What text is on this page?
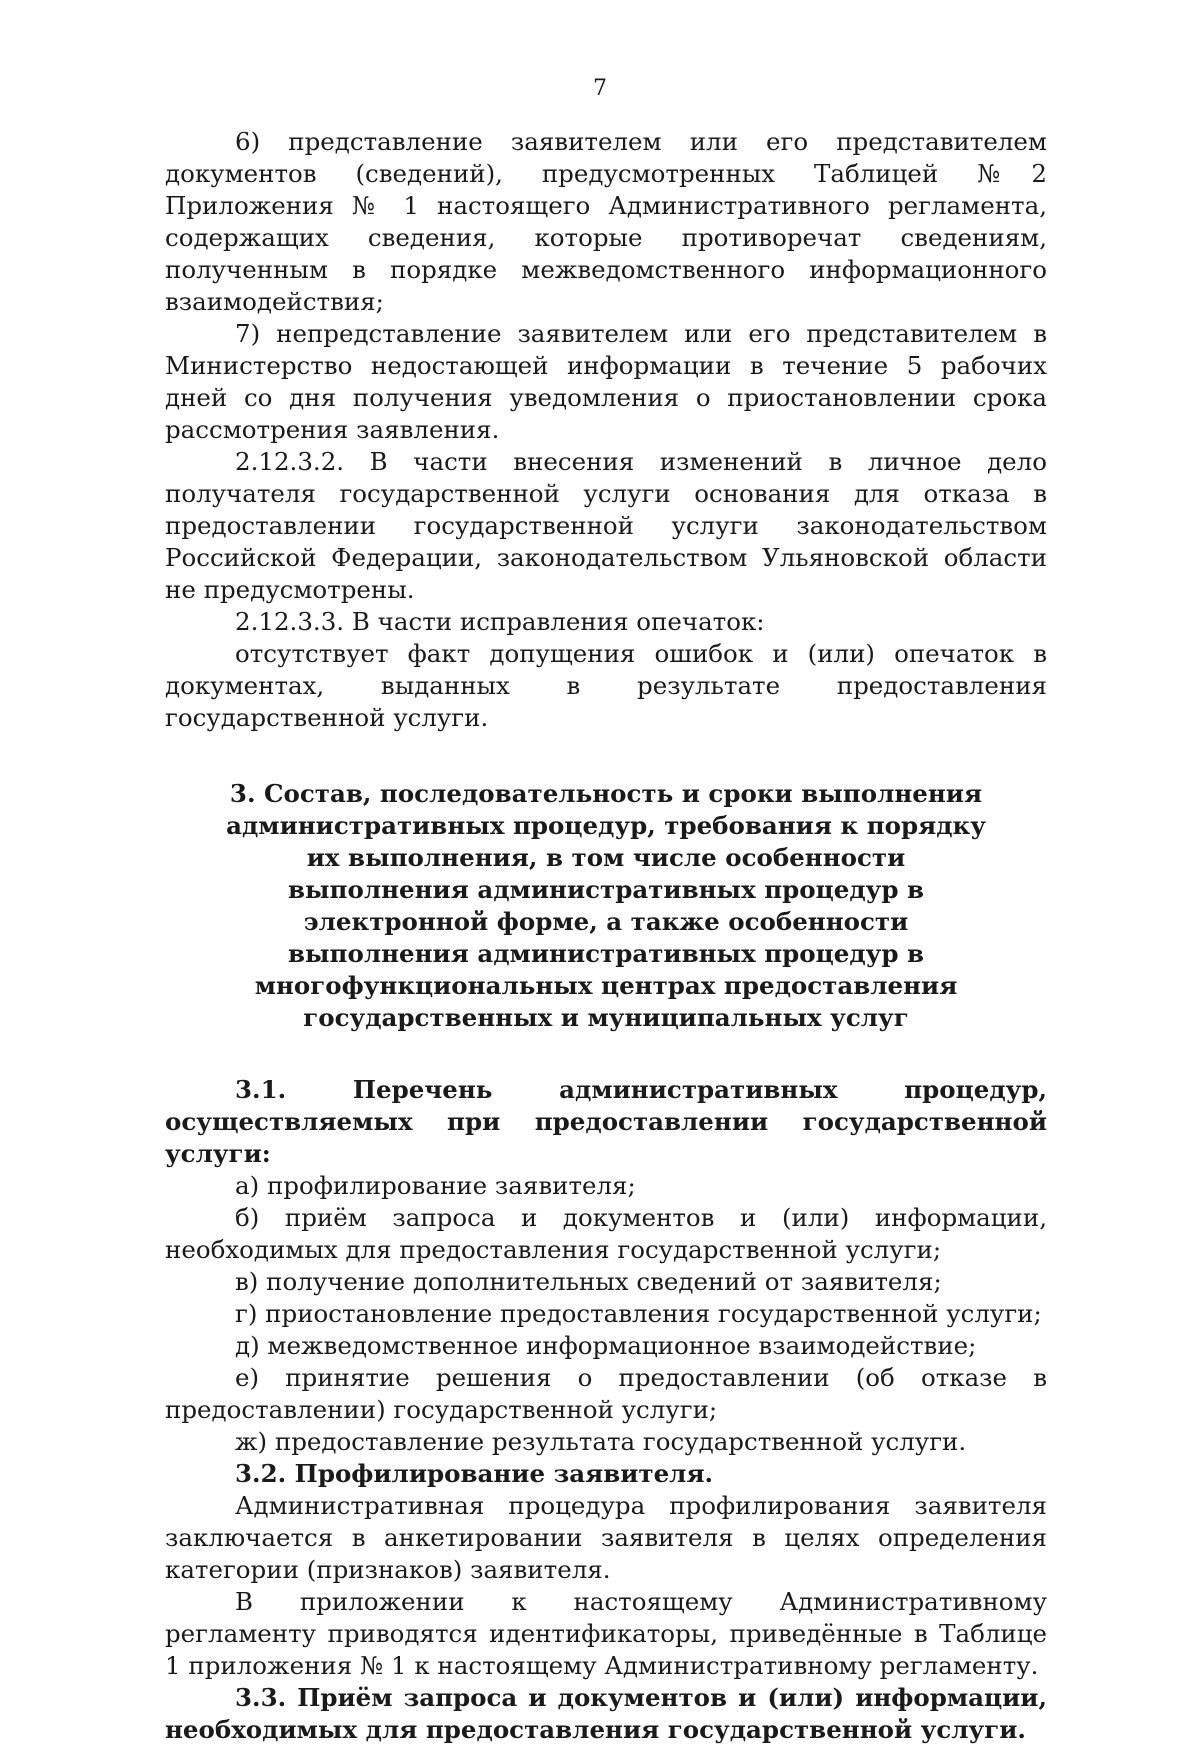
7

6) представление заявителем или его представителем документов (сведений), предусмотренных Таблицей №2 Приложения № 1 настоящего Административного регламента, содержащих сведения, которые противоречат сведениям, полученным в порядке межведомственного информационного взаимодействия;

7) непредставление заявителем или его представителем в Министерство недостающей информации в течение 5 рабочих дней со дня получения уведомления о приостановлении срока рассмотрения заявления.

2.12.3.2. В части внесения изменений в личное дело получателя государственной услуги основания для отказа в предоставлении государственной услуги законодательством Российской Федерации, законодательством Ульяновской области не предусмотрены.

2.12.3.3. В части исправления опечаток:

отсутствует факт допущения ошибок и (или) опечаток в документах, выданных в результате предоставления государственной услуги.

3. Состав, последовательность и сроки выполнения административных процедур, требования к порядку их выполнения, в том числе особенности выполнения административных процедур в электронной форме, а также особенности выполнения административных процедур в многофункциональных центрах предоставления государственных и муниципальных услуг

3.1. Перечень административных процедур, осуществляемых при предоставлении государственной услуги:

а) профилирование заявителя;

б) приём запроса и документов и (или) информации, необходимых для предоставления государственной услуги;

в) получение дополнительных сведений от заявителя;

г) приостановление предоставления государственной услуги;

д) межведомственное информационное взаимодействие;

е) принятие решения о предоставлении (об отказе в предоставлении) государственной услуги;

ж) предоставление результата государственной услуги.

3.2. Профилирование заявителя.

Административная процедура профилирования заявителя заключается в анкетировании заявителя в целях определения категории (признаков) заявителя.

В приложении к настоящему Административному регламенту приводятся идентификаторы, приведённые в Таблице 1 приложения № 1 к настоящему Административному регламенту.

3.3. Приём запроса и документов и (или) информации, необходимых для предоставления государственной услуги.
